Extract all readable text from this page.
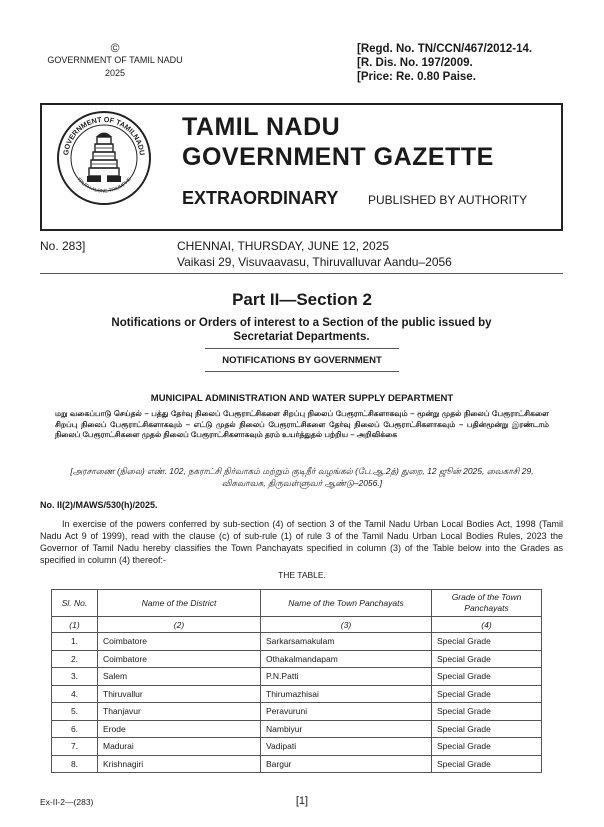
©
GOVERNMENT OF TAMIL NADU
2025
[Regd. No. TN/CCN/467/2012-14.
[R. Dis. No. 197/2009.
[Price: Re. 0.80 Paise.
GOVERNMENT OF TAMILNADU
TRUTH ALONE TRIUMPHS
TAMIL NADU
GOVERNMENT GAZETTE
EXTRAORDINARY PUBLISHED BY AUTHORITY
No. 283]	CHENNAI, THURSDAY, JUNE 12, 2025
Vaikasi 29, Visuvaavasu, Thiruvalluvar Aandu–2056
Part II—Section 2
Notifications or Orders of interest to a Section of the public issued by Secretariat Departments.
NOTIFICATIONS BY GOVERNMENT
MUNICIPAL ADMINISTRATION AND WATER SUPPLY DEPARTMENT
மறு வகைப்பாடு செய்தல் – பத்து தேர்வு நிலைப் பேரூராட்சிகளை சிறப்பு நிலைப் பேரூராட்சிகளாகவும் – மூன்று முதல் நிலைப் பேரூராட்சிகளை சிறப்பு நிலைப் பேரூராட்சிகளாகவும் – எட்டு முதல் நிலைப் பேரூராட்சிகளை தேர்வு நிலைப் பேரூராட்சிகளாகவும் – பதின்மூன்று இரண்டாம் நிலைப் பேரூராட்சிகளை முதல் நிலைப் பேரூராட்சிகளாகவும் தரம் உயர்த்துதல் பற்றிய – அறிவிக்கை
[அரசாணை (நிலை) எண். 102, நகராட்சி நிர்வாகம் மற்றும் குடிநீர் வழங்கல் (பே.ஆ.2த்) துறை, 12 ஜூன் 2025, வைகாசி 29, விசுவாவசு, திருவள்ளுவர் ஆண்டு–2056.]
No. II(2)/MAWS/530(h)/2025.
In exercise of the powers conferred by sub-section (4) of section 3 of the Tamil Nadu Urban Local Bodies Act, 1998 (Tamil Nadu Act 9 of 1999), read with the clause (c) of sub-rule (1) of rule 3 of the Tamil Nadu Urban Local Bodies Rules, 2023 the Governor of Tamil Nadu hereby classifies the Town Panchayats specified in column (3) of the Table below into the Grades as specified in column (4) thereof:-
THE TABLE.
Sl. No.	Name of the District	Name of the Town Panchayats	Grade of the Town Panchayats
(1)	(2)	(3)	(4)
1.	Coimbatore	Sarkarsamakulam	Special Grade
2.	Coimbatore	Othakalmandapam	Special Grade
3.	Salem	P.N.Patti	Special Grade
4.	Thiruvallur	Thirumazhisai	Special Grade
5.	Thanjavur	Peravuruni	Special Grade
6.	Erode	Nambiyur	Special Grade
7.	Madurai	Vadipati	Special Grade
8.	Krishnagiri	Bargur	Special Grade
Ex-II-2—(283)	[1]
